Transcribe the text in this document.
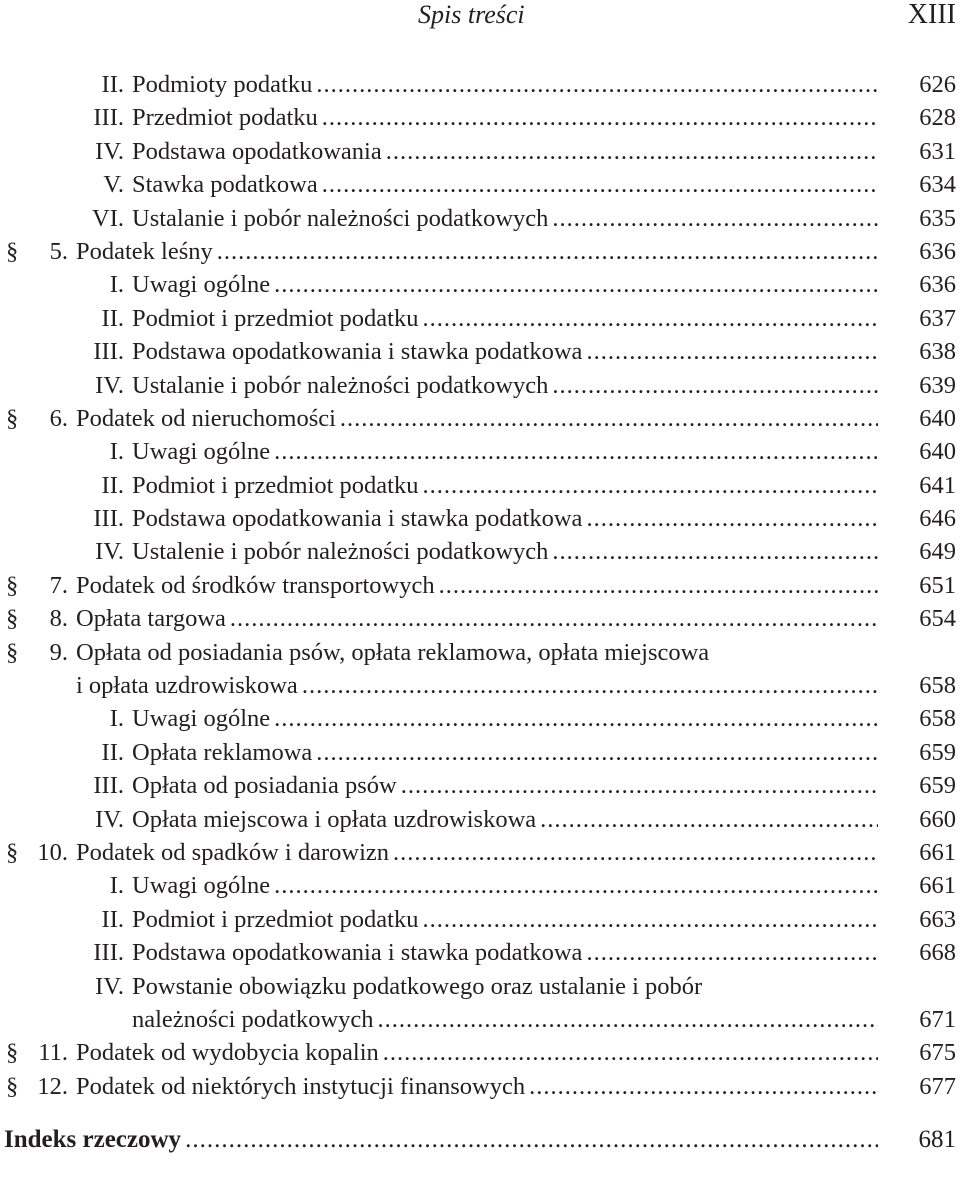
Spis treści	XIII
II. Podmioty podatku .....	626
III. Przedmiot podatku .....	628
IV. Podstawa opodatkowania .....	631
V. Stawka podatkowa .....	634
VI. Ustalanie i pobór należności podatkowych .....	635
§	5. Podatek leśny .....	636
I. Uwagi ogólne .....	636
II. Podmiot i przedmiot podatku .....	637
III. Podstawa opodatkowania i stawka podatkowa .....	638
IV. Ustalanie i pobór należności podatkowych .....	639
§	6. Podatek od nieruchomości .....	640
I. Uwagi ogólne .....	640
II. Podmiot i przedmiot podatku .....	641
III. Podstawa opodatkowania i stawka podatkowa .....	646
IV. Ustalenie i pobór należności podatkowych .....	649
§	7. Podatek od środków transportowych .....	651
§	8. Opłata targowa .....	654
§	9. Opłata od posiadania psów, opłata reklamowa, opłata miejscowa
i opłata uzdrowiskowa .....	658
I. Uwagi ogólne .....	658
II. Opłata reklamowa .....	659
III. Opłata od posiadania psów .....	659
IV. Opłata miejscowa i opłata uzdrowiskowa .....	660
§ 10. Podatek od spadków i darowizn .....	661
I. Uwagi ogólne .....	661
II. Podmiot i przedmiot podatku .....	663
III. Podstawa opodatkowania i stawka podatkowa .....	668
IV. Powstanie obowiązku podatkowego oraz ustalanie i pobór
należności podatkowych .....	671
§ 11. Podatek od wydobycia kopalin .....	675
§ 12. Podatek od niektórych instytucji finansowych .....	677
Indeks rzeczowy .....	681
